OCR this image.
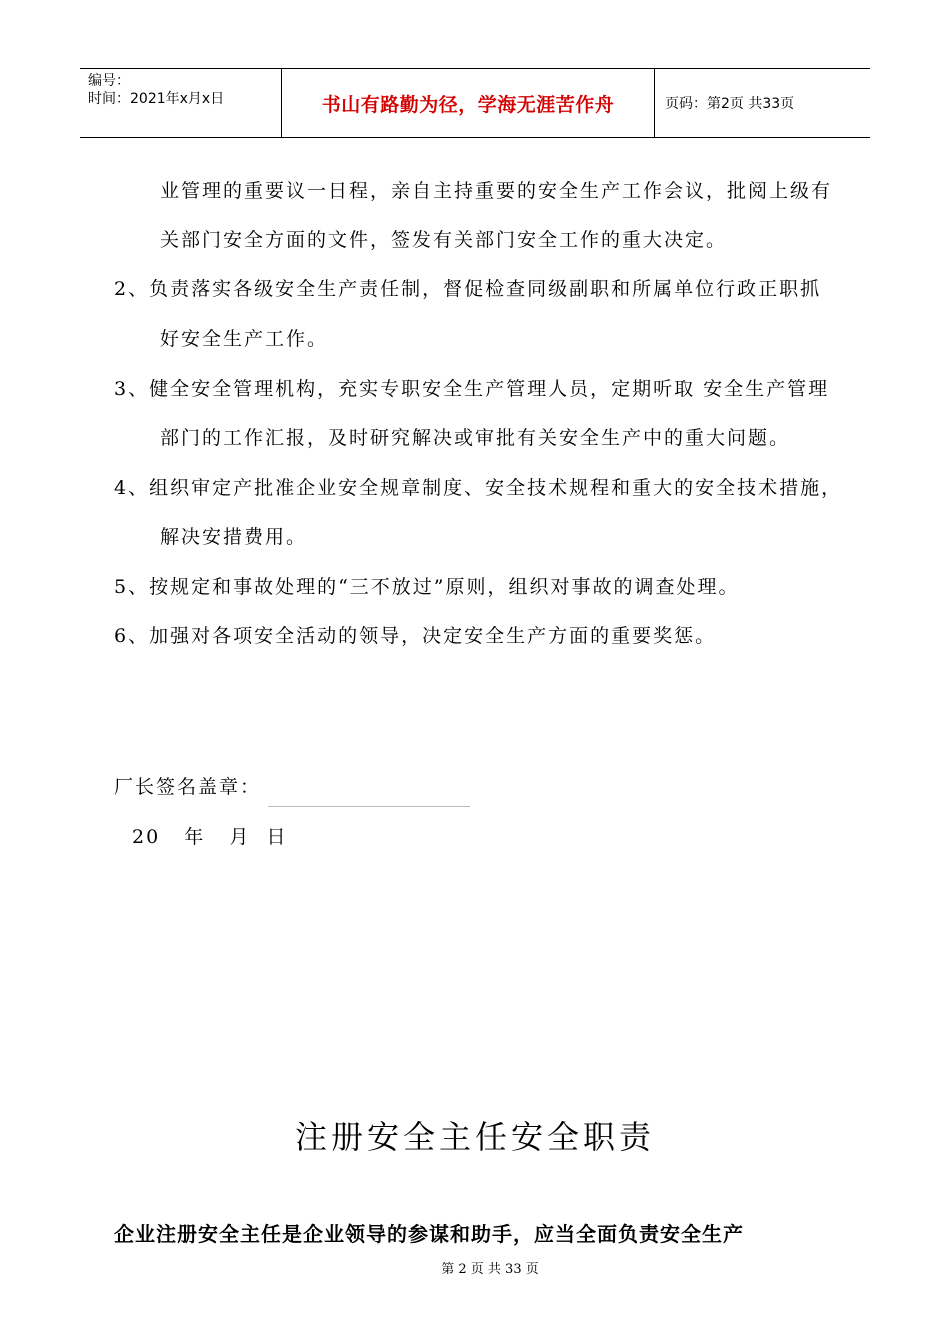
编号：
时间：2021年x月x日	书山有路勤为径，学海无涯苦作舟	页码：第2页 共33页
业管理的重要议一日程，亲自主持重要的安全生产工作会议，批阅上级有
关部门安全方面的文件，签发有关部门安全工作的重大决定。
2、负责落实各级安全生产责任制，督促检查同级副职和所属单位行政正职抓
好安全生产工作。
3、健全安全管理机构，充实专职安全生产管理人员，定期听取 安全生产管理
部门的工作汇报，及时研究解决或审批有关安全生产中的重大问题。
4、组织审定产批准企业安全规章制度、安全技术规程和重大的安全技术措施，
解决安措费用。
5、按规定和事故处理的“三不放过”原则，组织对事故的调查处理。
6、加强对各项安全活动的领导，决定安全生产方面的重要奖惩。
厂长签名盖章：
20   年   月  日
注册安全主任安全职责
企业注册安全主任是企业领导的参谋和助手，应当全面负责安全生产
第 2 页 共 33 页
